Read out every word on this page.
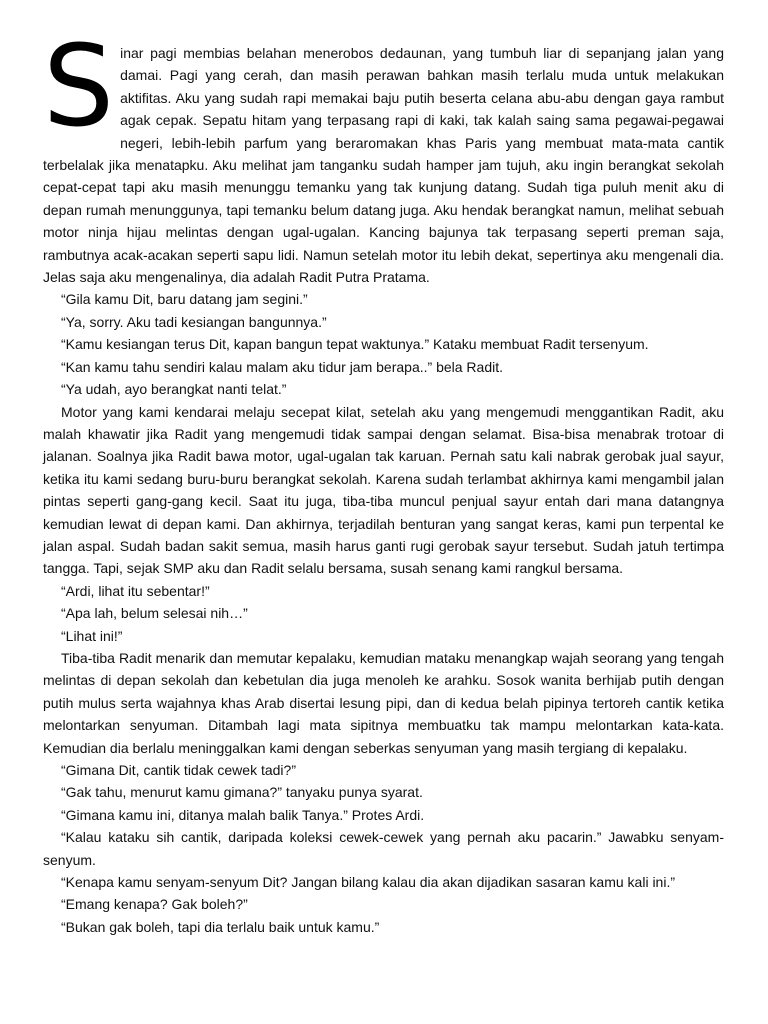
Sinar pagi membias belahan menerobos dedaunan, yang tumbuh liar di sepanjang jalan yang damai. Pagi yang cerah, dan masih perawan bahkan masih terlalu muda untuk melakukan aktifitas. Aku yang sudah rapi memakai baju putih beserta celana abu-abu dengan gaya rambut agak cepak. Sepatu hitam yang terpasang rapi di kaki, tak kalah saing sama pegawai-pegawai negeri, lebih-lebih parfum yang beraromakan khas Paris yang membuat mata-mata cantik terbelalak jika menatapku. Aku melihat jam tanganku sudah hamper jam tujuh, aku ingin berangkat sekolah cepat-cepat tapi aku masih menunggu temanku yang tak kunjung datang. Sudah tiga puluh menit aku di depan rumah menunggunya, tapi temanku belum datang juga. Aku hendak berangkat namun, melihat sebuah motor ninja hijau melintas dengan ugal-ugalan. Kancing bajunya tak terpasang seperti preman saja, rambutnya acak-acakan seperti sapu lidi. Namun setelah motor itu lebih dekat, sepertinya aku mengenali dia. Jelas saja aku mengenalinya, dia adalah Radit Putra Pratama.

“Gila kamu Dit, baru datang jam segini.”

“Ya, sorry. Aku tadi kesiangan bangunnya.”

“Kamu kesiangan terus Dit, kapan bangun tepat waktunya.” Kataku membuat Radit tersenyum.

“Kan kamu tahu sendiri kalau malam aku tidur jam berapa..” bela Radit.

“Ya udah, ayo berangkat nanti telat.”

Motor yang kami kendarai melaju secepat kilat, setelah aku yang mengemudi menggantikan Radit, aku malah khawatir jika Radit yang mengemudi tidak sampai dengan selamat. Bisa-bisa menabrak trotoar di jalanan. Soalnya jika Radit bawa motor, ugal-ugalan tak karuan. Pernah satu kali nabrak gerobak jual sayur, ketika itu kami sedang buru-buru berangkat sekolah. Karena sudah terlambat akhirnya kami mengambil jalan pintas seperti gang-gang kecil. Saat itu juga, tiba-tiba muncul penjual sayur entah dari mana datangnya kemudian lewat di depan kami. Dan akhirnya, terjadilah benturan yang sangat keras, kami pun terpental ke jalan aspal. Sudah badan sakit semua, masih harus ganti rugi gerobak sayur tersebut. Sudah jatuh tertimpa tangga. Tapi, sejak SMP aku dan Radit selalu bersama, susah senang kami rangkul bersama.

“Ardi, lihat itu sebentar!”

“Apa lah, belum selesai nih…”

“Lihat ini!”

Tiba-tiba Radit menarik dan memutar kepalaku, kemudian mataku menangkap wajah seorang yang tengah melintas di depan sekolah dan kebetulan dia juga menoleh ke arahku. Sosok wanita berhijab putih dengan putih mulus serta wajahnya khas Arab disertai lesung pipi, dan di kedua belah pipinya tertoreh cantik ketika melontarkan senyuman. Ditambah lagi mata sipitnya membuatku tak mampu melontarkan kata-kata. Kemudian dia berlalu meninggalkan kami dengan seberkas senyuman yang masih tergiang di kepalaku.

“Gimana Dit, cantik tidak cewek tadi?”

“Gak tahu, menurut kamu gimana?” tanyaku punya syarat.

“Gimana kamu ini, ditanya malah balik Tanya.” Protes Ardi.

“Kalau kataku sih cantik, daripada koleksi cewek-cewek yang pernah aku pacarin.” Jawabku senyam-senyum.

“Kenapa kamu senyam-senyum Dit? Jangan bilang kalau dia akan dijadikan sasaran kamu kali ini.”

“Emang kenapa? Gak boleh?”

“Bukan gak boleh, tapi dia terlalu baik untuk kamu.”
